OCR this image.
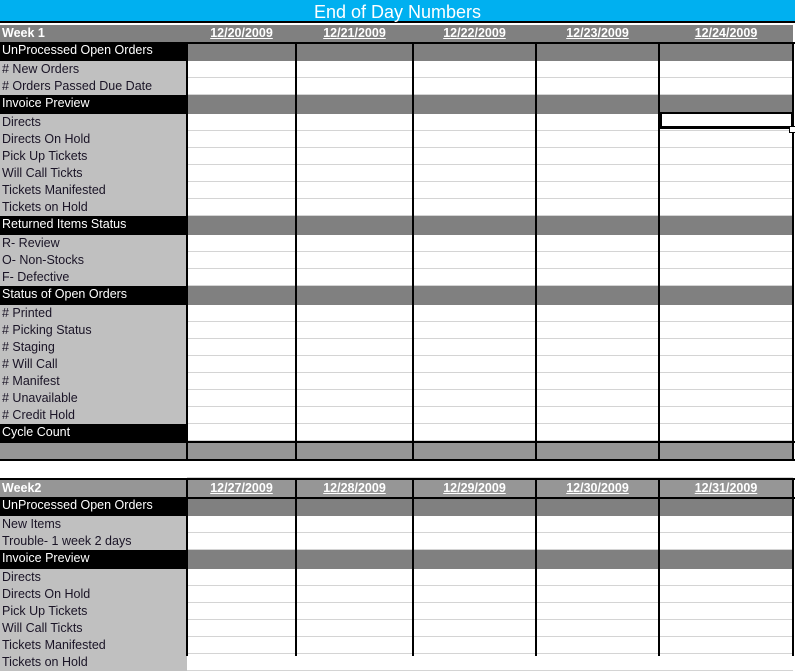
End of Day Numbers
Week 1	12/20/2009	12/21/2009	12/22/2009	12/23/2009	12/24/2009
UnProcessed Open Orders
# New Orders
# Orders Passed Due Date
Invoice Preview
Directs
Directs On Hold
Pick Up Tickets
Will Call Tickts
Tickets Manifested
Tickets on Hold
Returned Items Status
R- Review
O- Non-Stocks
F- Defective
Status of Open Orders
# Printed
# Picking Status
# Staging
# Will Call
# Manifest
# Unavailable
# Credit Hold
Cycle Count
Week2	12/27/2009	12/28/2009	12/29/2009	12/30/2009	12/31/2009
UnProcessed Open Orders
New Items
Trouble- 1 week 2 days
Invoice Preview
Directs
Directs On Hold
Pick Up Tickets
Will Call Tickts
Tickets Manifested
Tickets on Hold
